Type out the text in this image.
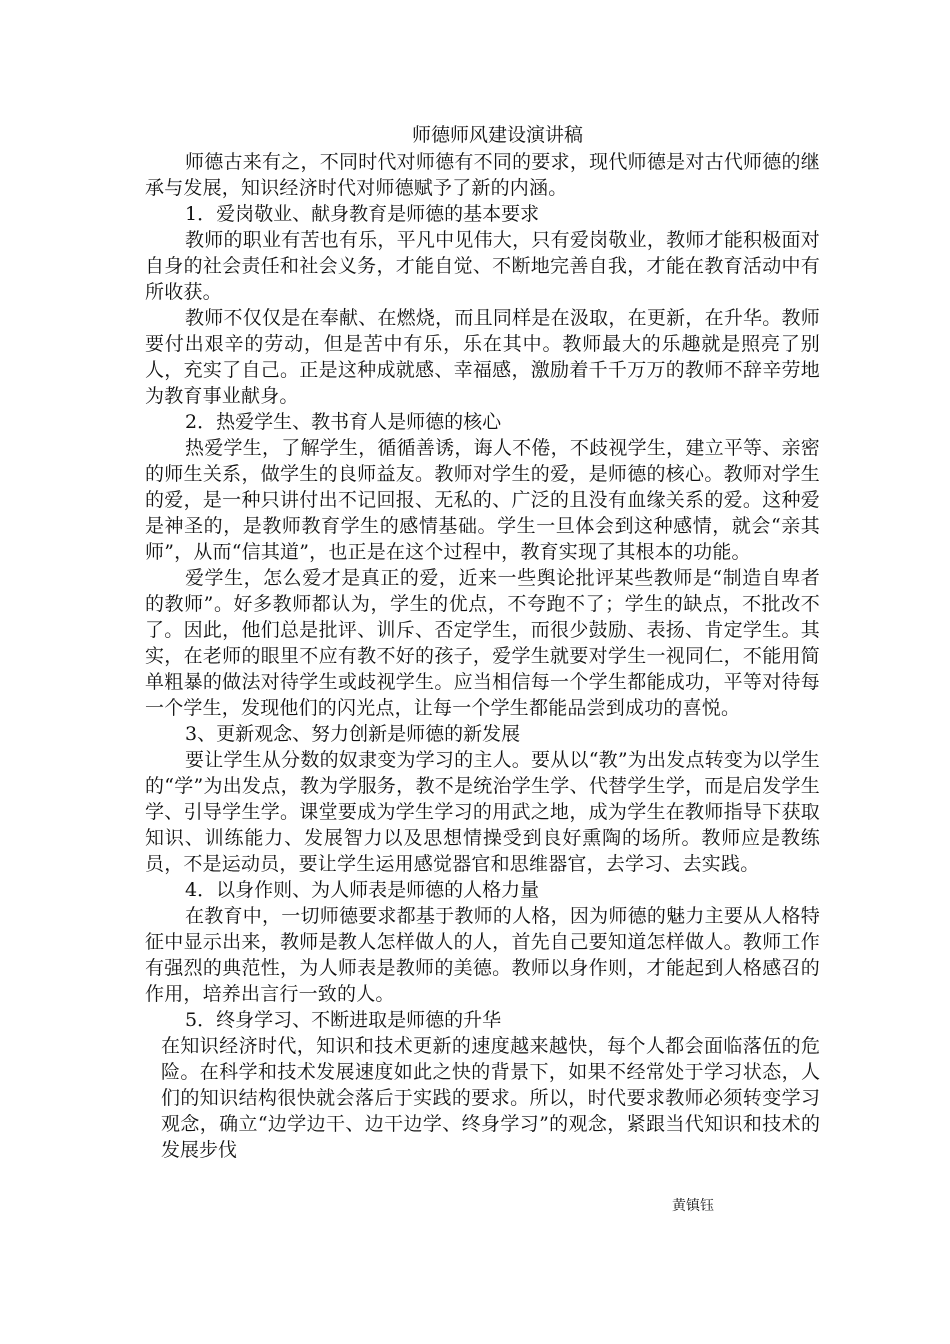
师德师风建设演讲稿

师德古来有之，不同时代对师德有不同的要求，现代师德是对古代师德的继承与发展，知识经济时代对师德赋予了新的内涵。

1．爱岗敬业、献身教育是师德的基本要求

教师的职业有苦也有乐，平凡中见伟大，只有爱岗敬业，教师才能积极面对自身的社会责任和社会义务，才能自觉、不断地完善自我，才能在教育活动中有所收获。

教师不仅仅是在奉献、在燃烧，而且同样是在汲取，在更新，在升华。教师要付出艰辛的劳动，但是苦中有乐，乐在其中。教师最大的乐趣就是照亮了别人，充实了自己。正是这种成就感、幸福感，激励着千千万万的教师不辞辛劳地为教育事业献身。

2．热爱学生、教书育人是师德的核心

热爱学生，了解学生，循循善诱，诲人不倦，不歧视学生，建立平等、亲密的师生关系，做学生的良师益友。教师对学生的爱，是师德的核心。教师对学生的爱，是一种只讲付出不记回报、无私的、广泛的且没有血缘关系的爱。这种爱是神圣的，是教师教育学生的感情基础。学生一旦体会到这种感情，就会“亲其师”，从而“信其道”，也正是在这个过程中，教育实现了其根本的功能。

爱学生，怎么爱才是真正的爱，近来一些舆论批评某些教师是“制造自卑者的教师”。好多教师都认为，学生的优点，不夸跑不了；学生的缺点，不批改不了。因此，他们总是批评、训斥、否定学生，而很少鼓励、表扬、肯定学生。其实，在老师的眼里不应有教不好的孩子，爱学生就要对学生一视同仁，不能用简单粗暴的做法对待学生或歧视学生。应当相信每一个学生都能成功，平等对待每一个学生，发现他们的闪光点，让每一个学生都能品尝到成功的喜悦。

3、更新观念、努力创新是师德的新发展

要让学生从分数的奴隶变为学习的主人。要从以“教”为出发点转变为以学生的“学”为出发点，教为学服务，教不是统治学生学、代替学生学，而是启发学生学、引导学生学。课堂要成为学生学习的用武之地，成为学生在教师指导下获取知识、训练能力、发展智力以及思想情操受到良好熏陶的场所。教师应是教练员，不是运动员，要让学生运用感觉器官和思维器官，去学习、去实践。

4．以身作则、为人师表是师德的人格力量

在教育中，一切师德要求都基于教师的人格，因为师德的魅力主要从人格特征中显示出来，教师是教人怎样做人的人，首先自己要知道怎样做人。教师工作有强烈的典范性，为人师表是教师的美德。教师以身作则，才能起到人格感召的作用，培养出言行一致的人。

5．终身学习、不断进取是师德的升华

在知识经济时代，知识和技术更新的速度越来越快，每个人都会面临落伍的危险。在科学和技术发展速度如此之快的背景下，如果不经常处于学习状态，人们的知识结构很快就会落后于实践的要求。所以，时代要求教师必须转变学习观念，确立“边学边干、边干边学、终身学习”的观念，紧跟当代知识和技术的发展步伐

黄镇钰
